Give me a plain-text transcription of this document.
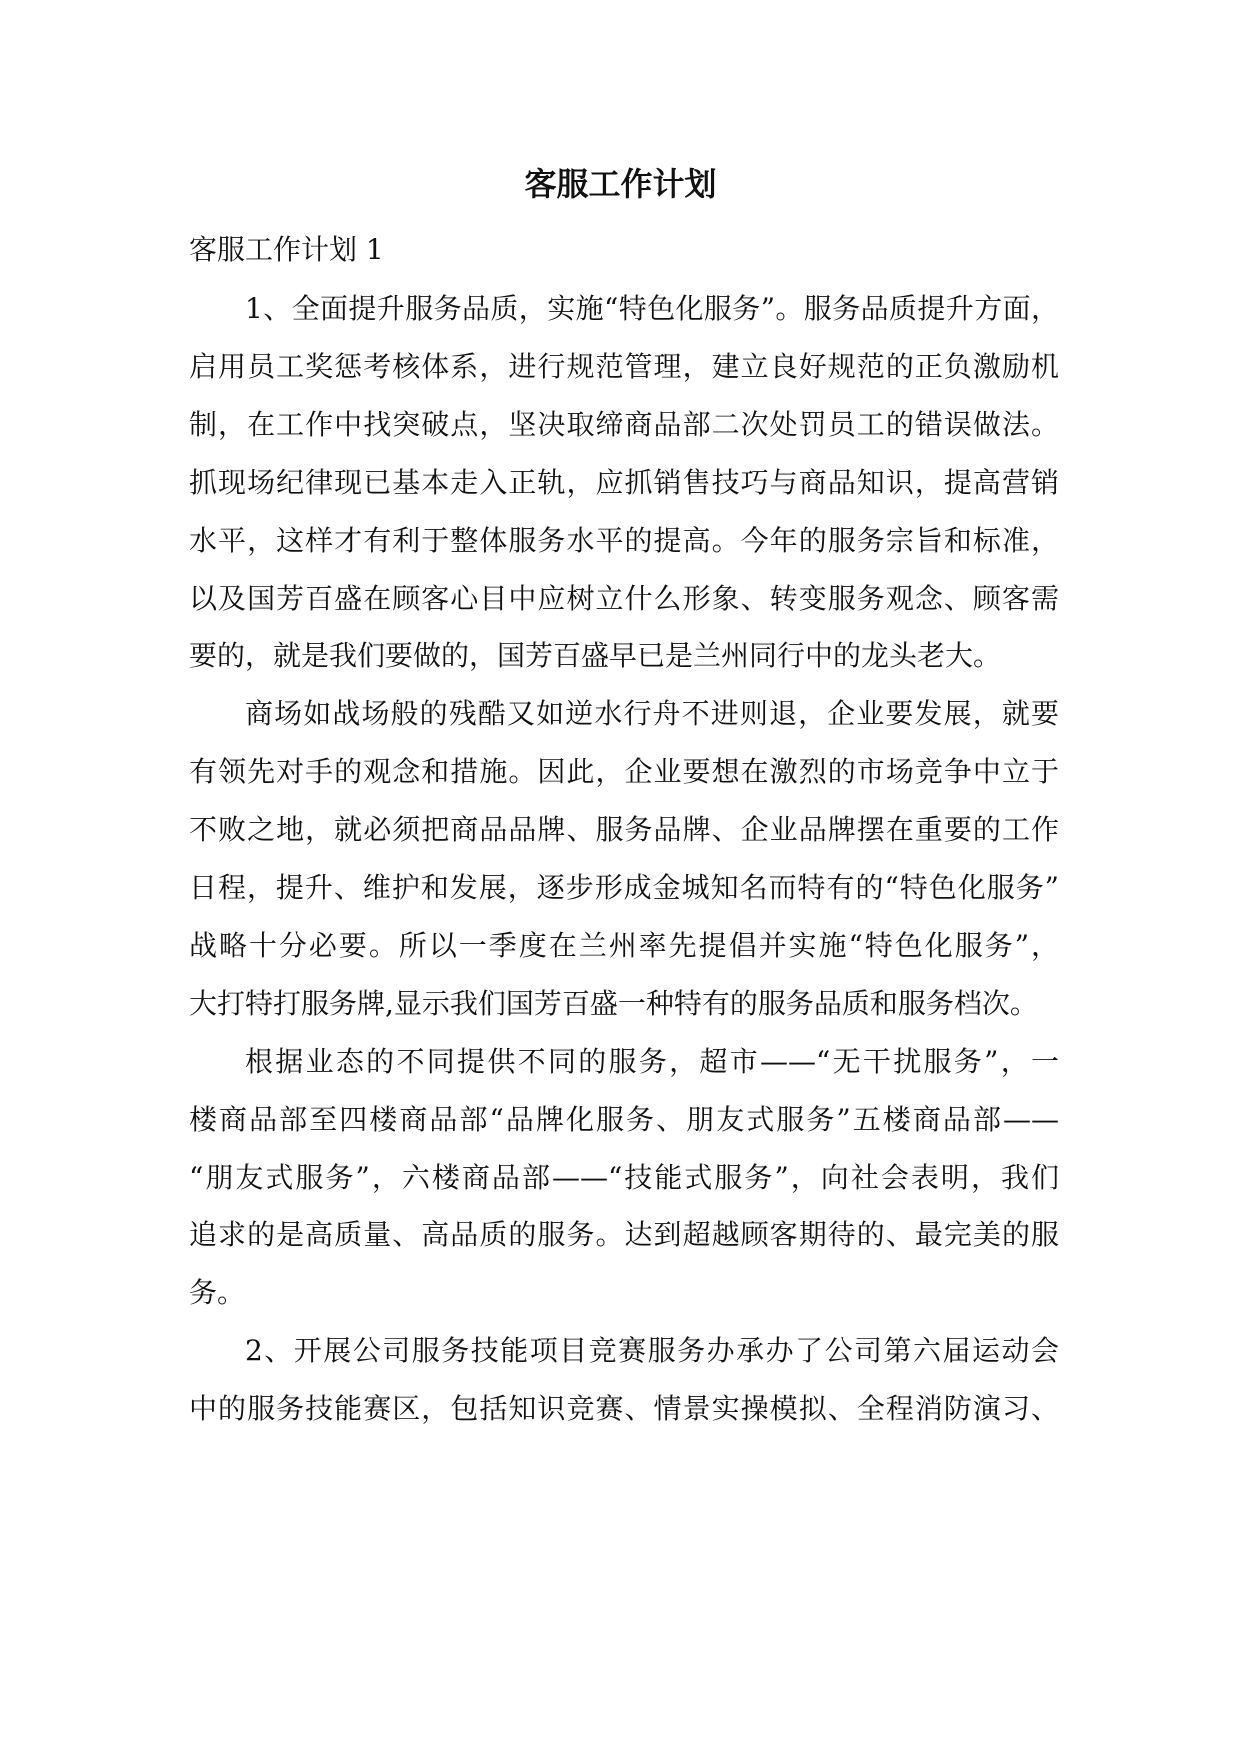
客服工作计划

客服工作计划 1

1、全面提升服务品质，实施“特色化服务”。服务品质提升方面，

启用员工奖惩考核体系，进行规范管理，建立良好规范的正负激励机

制，在工作中找突破点，坚决取缔商品部二次处罚员工的错误做法。

抓现场纪律现已基本走入正轨，应抓销售技巧与商品知识，提高营销

水平，这样才有利于整体服务水平的提高。今年的服务宗旨和标准，

以及国芳百盛在顾客心目中应树立什么形象、转变服务观念、顾客需

要的，就是我们要做的，国芳百盛早已是兰州同行中的龙头老大。

商场如战场般的残酷又如逆水行舟不进则退，企业要发展，就要

有领先对手的观念和措施。因此，企业要想在激烈的市场竞争中立于

不败之地，就必须把商品品牌、服务品牌、企业品牌摆在重要的工作

日程，提升、维护和发展，逐步形成金城知名而特有的“特色化服务”

战略十分必要。所以一季度在兰州率先提倡并实施“特色化服务”，

大打特打服务牌,显示我们国芳百盛一种特有的服务品质和服务档次。

根据业态的不同提供不同的服务，超市——“无干扰服务”，一

楼商品部至四楼商品部“品牌化服务、朋友式服务”五楼商品部——

“朋友式服务”，六楼商品部——“技能式服务”，向社会表明，我们

追求的是高质量、高品质的服务。达到超越顾客期待的、最完美的服

务。

2、开展公司服务技能项目竞赛服务办承办了公司第六届运动会

中的服务技能赛区，包括知识竞赛、情景实操模拟、全程消防演习、
